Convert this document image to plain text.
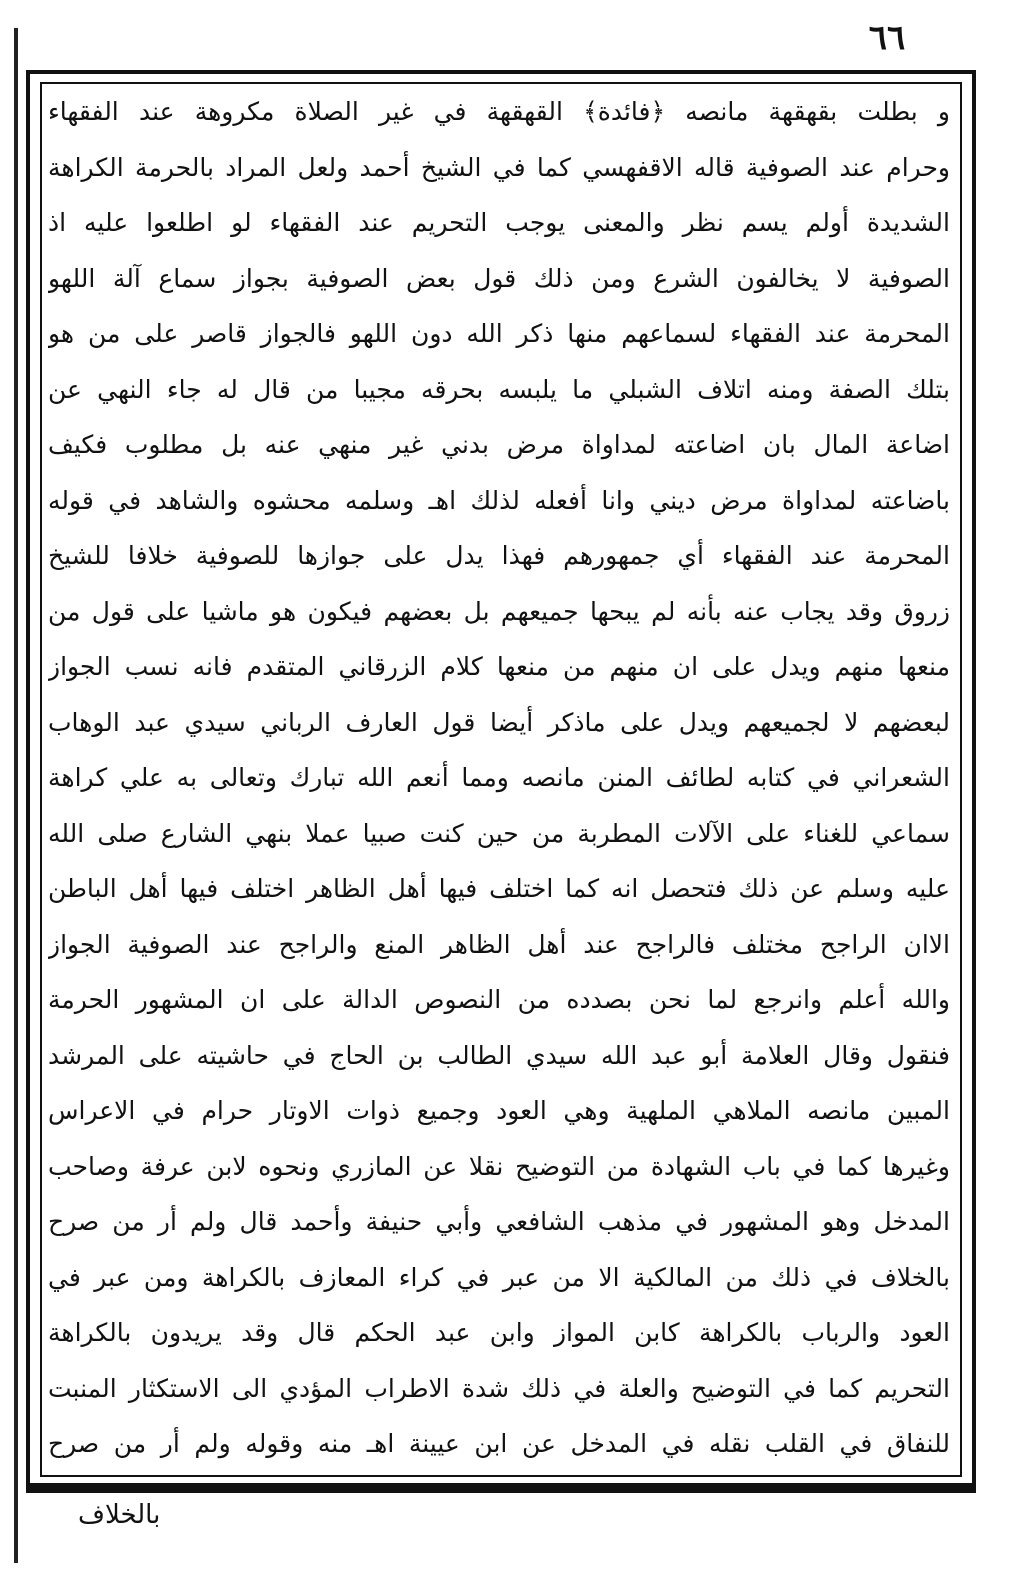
٦٦
و بطلت بقهقهة مانصه ﴿فائدة﴾ القهقهة في غير الصلاة مكروهة عند الفقهاء
وحرام عند الصوفية قاله الاقفهسي كما في الشيخ أحمد ولعل المراد بالحرمة الكراهة
الشديدة أولم يسم نظر والمعنى يوجب التحريم عند الفقهاء لو اطلعوا عليه اذ
الصوفية لا يخالفون الشرع ومن ذلك قول بعض الصوفية بجواز سماع آلة اللهو
المحرمة عند الفقهاء لسماعهم منها ذكر الله دون اللهو فالجواز قاصر على من هو
بتلك الصفة ومنه اتلاف الشبلي ما يلبسه بحرقه مجيبا من قال له جاء النهي عن
اضاعة المال بان اضاعته لمداواة مرض بدني غير منهي عنه بل مطلوب فكيف
باضاعته لمداواة مرض ديني وانا أفعله لذلك اهـ وسلمه محشوه والشاهد في قوله
المحرمة عند الفقهاء أي جمهورهم فهذا يدل على جوازها للصوفية خلافا للشيخ
زروق وقد يجاب عنه بأنه لم يبحها جميعهم بل بعضهم فيكون هو ماشيا على قول من
منعها منهم ويدل على ان منهم من منعها كلام الزرقاني المتقدم فانه نسب الجواز
لبعضهم لا لجميعهم ويدل على ماذكر أيضا قول العارف الرباني سيدي عبد الوهاب
الشعراني في كتابه لطائف المنن مانصه ومما أنعم الله تبارك وتعالى به علي كراهة
سماعي للغناء على الآلات المطربة من حين كنت صبيا عملا بنهي الشارع صلى الله
عليه وسلم عن ذلك فتحصل انه كما اختلف فيها أهل الظاهر اختلف فيها أهل الباطن
الاان الراجح مختلف فالراجح عند أهل الظاهر المنع والراجح عند الصوفية الجواز
والله أعلم وانرجع لما نحن بصدده من النصوص الدالة على ان المشهور الحرمة
فنقول وقال العلامة أبو عبد الله سيدي الطالب بن الحاج في حاشيته على المرشد
المبين مانصه الملاهي الملهية وهي العود وجميع ذوات الاوتار حرام في الاعراس
وغيرها كما في باب الشهادة من التوضيح نقلا عن المازري ونحوه لابن عرفة وصاحب
المدخل وهو المشهور في مذهب الشافعي وأبي حنيفة وأحمد قال ولم أر من صرح
بالخلاف في ذلك من المالكية الا من عبر في كراء المعازف بالكراهة ومن عبر في
العود والرباب بالكراهة كابن المواز وابن عبد الحكم قال وقد يريدون بالكراهة
التحريم كما في التوضيح والعلة في ذلك شدة الاطراب المؤدي الى الاستكثار المنبت
للنفاق في القلب نقله في المدخل عن ابن عيينة اهـ منه وقوله ولم أر من صرح
بالخلاف
